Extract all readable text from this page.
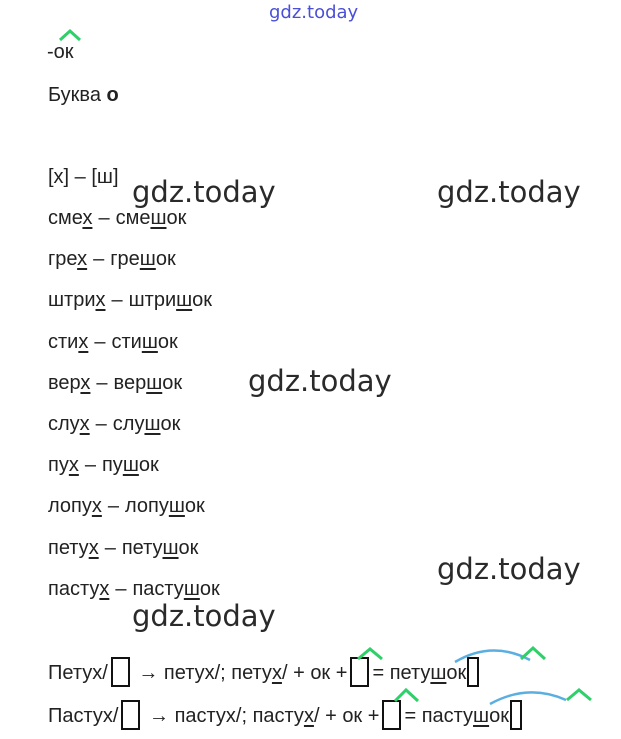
gdz.today
-ок
Буква о
[х] – [ш]
смех – смешок
грех – грешок
штрих – штришок
стих – стишок
верх – вершок
слух – слушок
пух – пушок
лопух – лопушок
петух – петушок
пастух – пастушок
gdz.today	gdz.today
gdz.today
gdz.today
gdz.today
Петух/ → петух/; петух/ + ок + = петушок
Пастух/ → пастух/; пастух/ + ок + = пастушок
